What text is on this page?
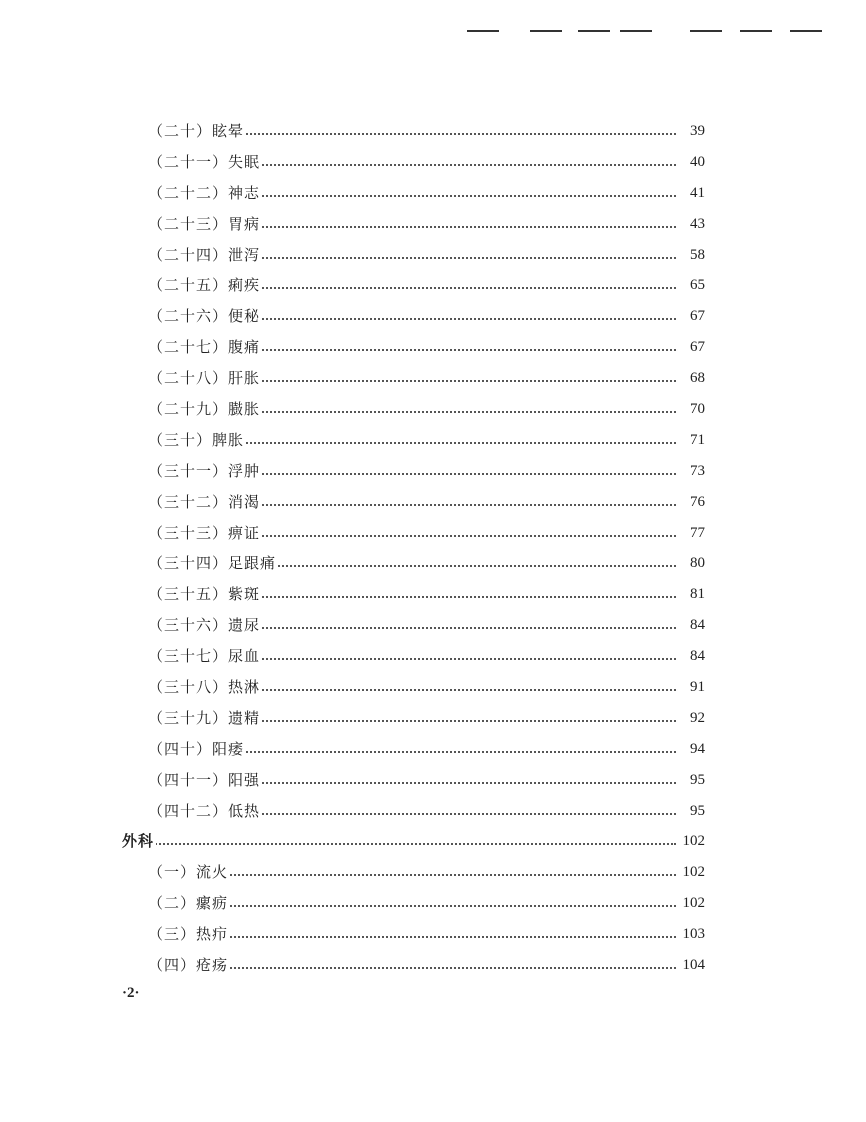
（二十）眩晕	39
（二十一）失眠	40
（二十二）神志	41
（二十三）胃病	43
（二十四）泄泻	58
（二十五）痢疾	65
（二十六）便秘	67
（二十七）腹痛	67
（二十八）肝胀	68
（二十九）臌胀	70
（三十）脾胀	71
（三十一）浮肿	73
（三十二）消渴	76
（三十三）痹证	77
（三十四）足跟痛	80
（三十五）紫斑	81
（三十六）遗尿	84
（三十七）尿血	84
（三十八）热淋	91
（三十九）遗精	92
（四十）阳痿	94
（四十一）阳强	95
（四十二）低热	95
外科	102
（一）流火	102
（二）瘰疬	102
（三）热疖	103
（四）疮疡	104
·2·
